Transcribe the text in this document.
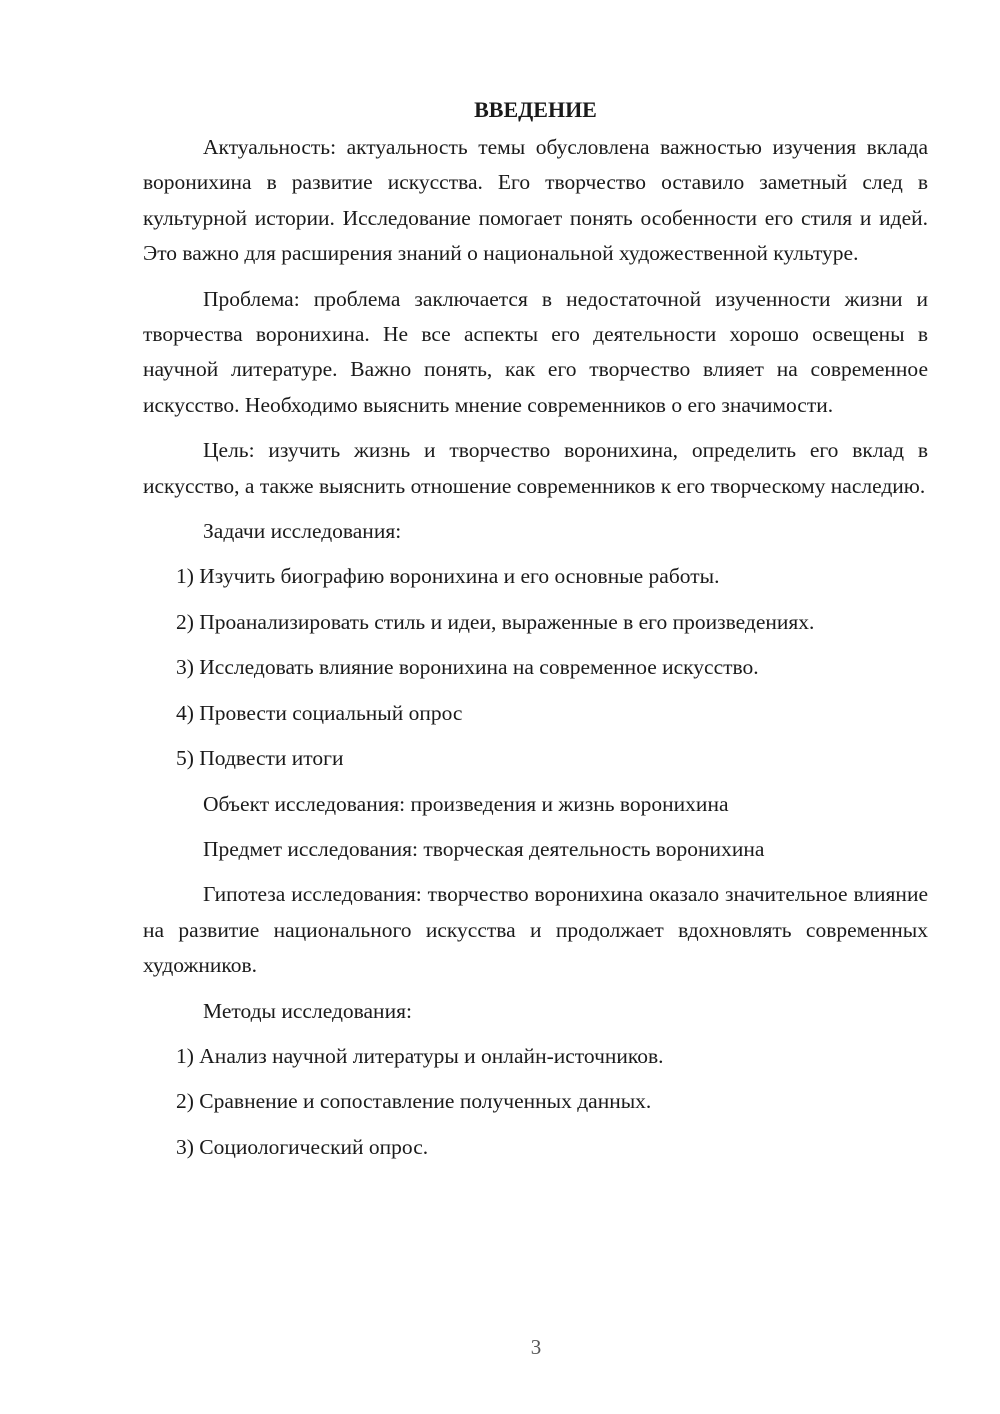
ВВЕДЕНИЕ

Актуальность: актуальность темы обусловлена важностью изучения вклада воронихина в развитие искусства. Его творчество оставило заметный след в культурной истории. Исследование помогает понять особенности его стиля и идей. Это важно для расширения знаний о национальной художественной культуре.

Проблема: проблема заключается в недостаточной изученности жизни и творчества воронихина. Не все аспекты его деятельности хорошо освещены в научной литературе. Важно понять, как его творчество влияет на современное искусство. Необходимо выяснить мнение современников о его значимости.

Цель: изучить жизнь и творчество воронихина, определить его вклад в искусство, а также выяснить отношение современников к его творческому наследию.

Задачи исследования:
1) Изучить биографию воронихина и его основные работы.
2) Проанализировать стиль и идеи, выраженные в его произведениях.
3) Исследовать влияние воронихина на современное искусство.
4) Провести социальный опрос
5) Подвести итоги
Объект исследования: произведения и жизнь воронихина
Предмет исследования: творческая деятельность воронихина

Гипотеза исследования: творчество воронихина оказало значительное влияние на развитие национального искусства и продолжает вдохновлять современных художников.

Методы исследования:
1) Анализ научной литературы и онлайн-источников.
2) Сравнение и сопоставление полученных данных.
3) Социологический опрос.
3
